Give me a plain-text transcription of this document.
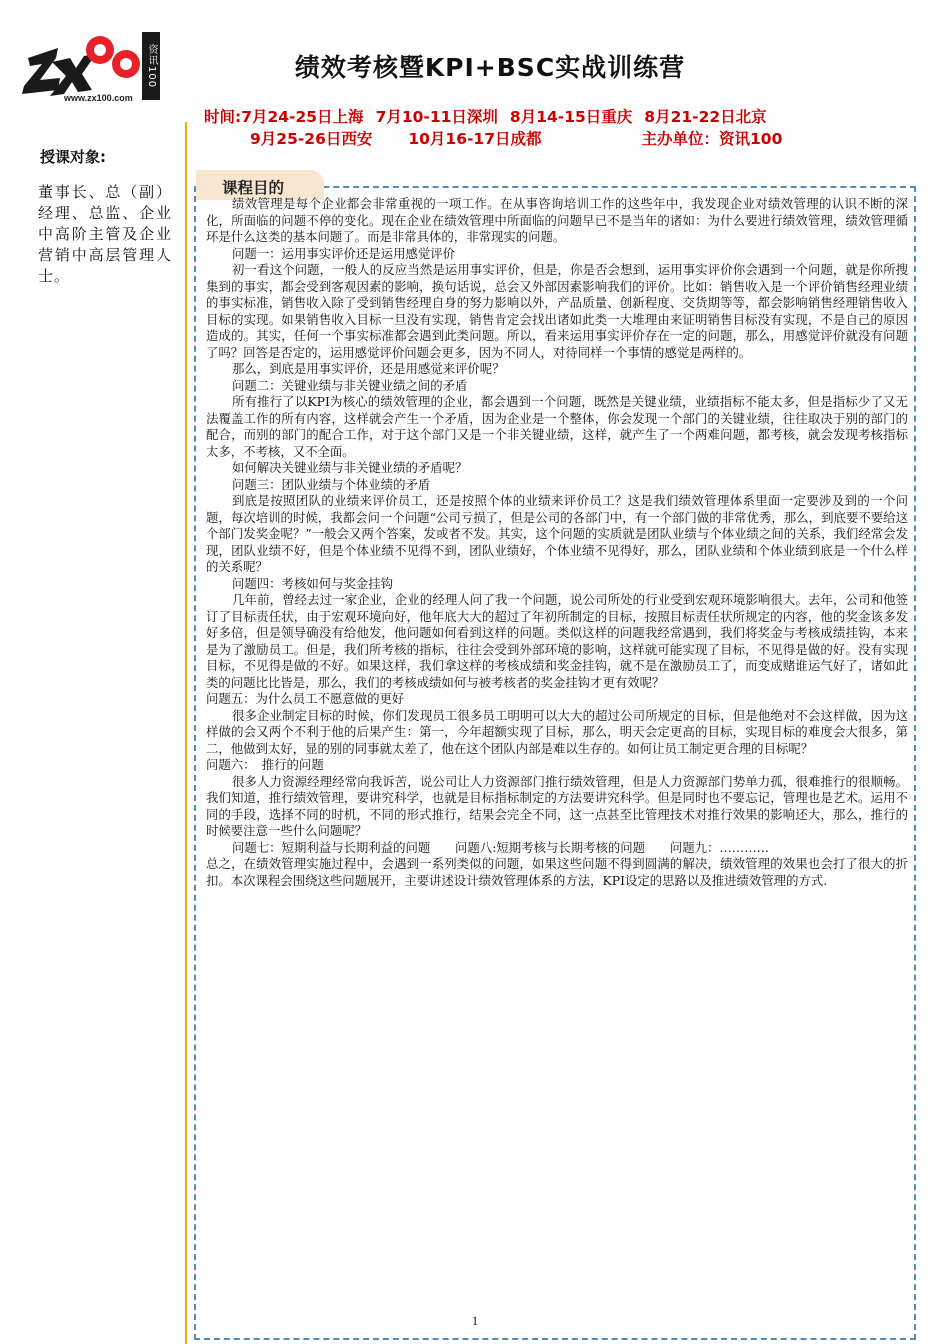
www.zx100.com
资讯100	绩效考核暨KPI+BSC实战训练营
时间:7月24-25日上海 7月10-11日深圳 8月14-15日重庆 8月21-22日北京
9月25-26日西安 10月16-17日成都	主办单位：资讯100
授课对象:
董事长、总（副）经理、总监、企业中高阶主管及企业营销中高层管理人士。
课程目的

绩效管理是每个企业都会非常重视的一项工作。在从事咨询培训工作的这些年中，我发现企业对绩效管理的认识不断的深化，所面临的问题不停的变化。现在企业在绩效管理中所面临的问题早已不是当年的诸如：为什么要进行绩效管理，绩效管理循环是什么这类的基本问题了。而是非常具体的，非常现实的问题。

问题一：运用事实评价还是运用感觉评价

初一看这个问题，一般人的反应当然是运用事实评价，但是，你是否会想到，运用事实评价你会遇到一个问题，就是你所搜集到的事实，都会受到客观因素的影响，换句话说，总会又外部因素影响我们的评价。比如：销售收入是一个评价销售经理业绩的事实标准，销售收入除了受到销售经理自身的努力影响以外，产品质量、创新程度、交货期等等，都会影响销售经理销售收入目标的实现。如果销售收入目标一旦没有实现，销售肯定会找出诸如此类一大堆理由来证明销售目标没有实现，不是自己的原因造成的。其实，任何一个事实标准都会遇到此类问题。所以，看来运用事实评价存在一定的问题，那么，用感觉评价就没有问题了吗？回答是否定的，运用感觉评价问题会更多，因为不同人，对待同样一个事情的感觉是两样的。

那么，到底是用事实评价，还是用感觉来评价呢？

问题二：关键业绩与非关键业绩之间的矛盾

所有推行了以KPI为核心的绩效管理的企业，都会遇到一个问题，既然是关键业绩，业绩指标不能太多，但是指标少了又无法覆盖工作的所有内容，这样就会产生一个矛盾，因为企业是一个整体，你会发现一个部门的关键业绩，往往取决于别的部门的配合，而别的部门的配合工作，对于这个部门又是一个非关键业绩，这样，就产生了一个两难问题，都考核，就会发现考核指标太多，不考核，又不全面。

如何解决关键业绩与非关键业绩的矛盾呢？

问题三：团队业绩与个体业绩的矛盾

到底是按照团队的业绩来评价员工，还是按照个体的业绩来评价员工？这是我们绩效管理体系里面一定要涉及到的一个问题，每次培训的时候，我都会问一个问题“公司亏损了，但是公司的各部门中，有一个部门做的非常优秀，那么，到底要不要给这个部门发奖金呢？”一般会又两个答案，发或者不发。其实，这个问题的实质就是团队业绩与个体业绩之间的关系，我们经常会发现，团队业绩不好，但是个体业绩不见得不到，团队业绩好，个体业绩不见得好，那么，团队业绩和个体业绩到底是一个什么样的关系呢？

问题四：考核如何与奖金挂钩

几年前，曾经去过一家企业，企业的经理人问了我一个问题，说公司所处的行业受到宏观环境影响很大。去年，公司和他签订了目标责任状，由于宏观环境向好，他年底大大的超过了年初所制定的目标，按照目标责任状所规定的内容，他的奖金该多发好多倍，但是领导确没有给他发，他问题如何看到这样的问题。类似这样的问题我经常遇到，我们将奖金与考核成绩挂钩，本来是为了激励员工。但是，我们所考核的指标，往往会受到外部环境的影响，这样就可能实现了目标，不见得是做的好。没有实现目标，不见得是做的不好。如果这样，我们拿这样的考核成绩和奖金挂钩，就不是在激励员工了，而变成赌谁运气好了，诸如此类的问题比比皆是，那么，我们的考核成绩如何与被考核者的奖金挂钩才更有效呢？

问题五：为什么员工不愿意做的更好

很多企业制定目标的时候，你们发现员工很多员工明明可以大大的超过公司所规定的目标，但是他绝对不会这样做，因为这样做的会又两个不利于他的后果产生：第一，今年超额实现了目标，那么，明天会定更高的目标，实现目标的难度会大很多，第二，他做到太好，显的别的同事就太差了，他在这个团队内部是难以生存的。如何让员工制定更合理的目标呢？

问题六：　推行的问题

很多人力资源经理经常向我诉苦，说公司让人力资源部门推行绩效管理，但是人力资源部门势单力孤，很难推行的很顺畅。我们知道，推行绩效管理，要讲究科学，也就是目标指标制定的方法要讲究科学。但是同时也不要忘记，管理也是艺术。运用不同的手段，选择不同的时机，不同的形式推行，结果会完全不同，这一点甚至比管理技术对推行效果的影响还大，那么，推行的时候要注意一些什么问题呢？

问题七：短期利益与长期利益的问题　　问题八:短期考核与长期考核的问题　　问题九：…………

总之，在绩效管理实施过程中，会遇到一系列类似的问题，如果这些问题不得到圆满的解决，绩效管理的效果也会打了很大的折扣。本次课程会围绕这些问题展开，主要讲述设计绩效管理体系的方法，KPI设定的思路以及推进绩效管理的方式.

1
